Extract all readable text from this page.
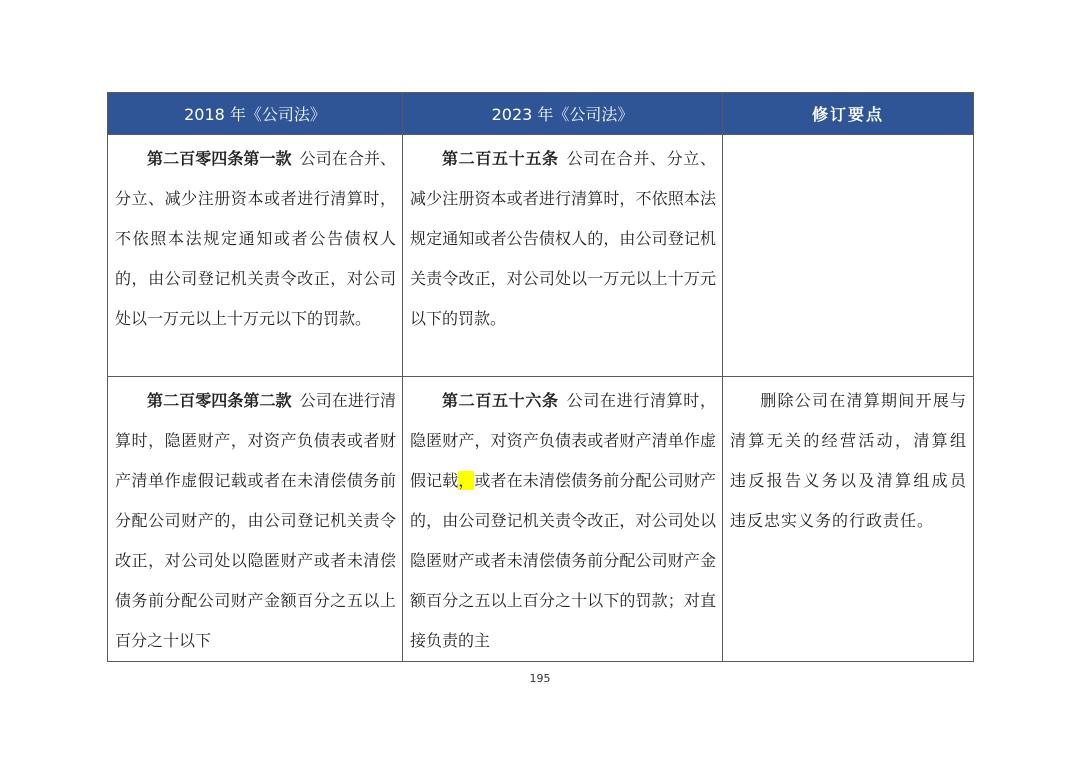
2018 年《公司法》	2023 年《公司法》	修订要点
第二百零四条第一款 公司在合并、分立、减少注册资本或者进行清算时，不依照本法规定通知或者公告债权人的，由公司登记机关责令改正，对公司处以一万元以上十万元以下的罚款。	第二百五十五条 公司在合并、分立、减少注册资本或者进行清算时，不依照本法规定通知或者公告债权人的，由公司登记机关责令改正，对公司处以一万元以上十万元以下的罚款。	
第二百零四条第二款 公司在进行清算时，隐匿财产，对资产负债表或者财产清单作虚假记载或者在未清偿债务前分配公司财产的，由公司登记机关责令改正，对公司处以隐匿财产或者未清偿债务前分配公司财产金额百分之五以上百分之十以下	第二百五十六条 公司在进行清算时，隐匿财产，对资产负债表或者财产清单作虚假记载，或者在未清偿债务前分配公司财产的，由公司登记机关责令改正，对公司处以隐匿财产或者未清偿债务前分配公司财产金额百分之五以上百分之十以下的罚款；对直接负责的主	删除公司在清算期间开展与清算无关的经营活动，清算组违反报告义务以及清算组成员违反忠实义务的行政责任。
195
